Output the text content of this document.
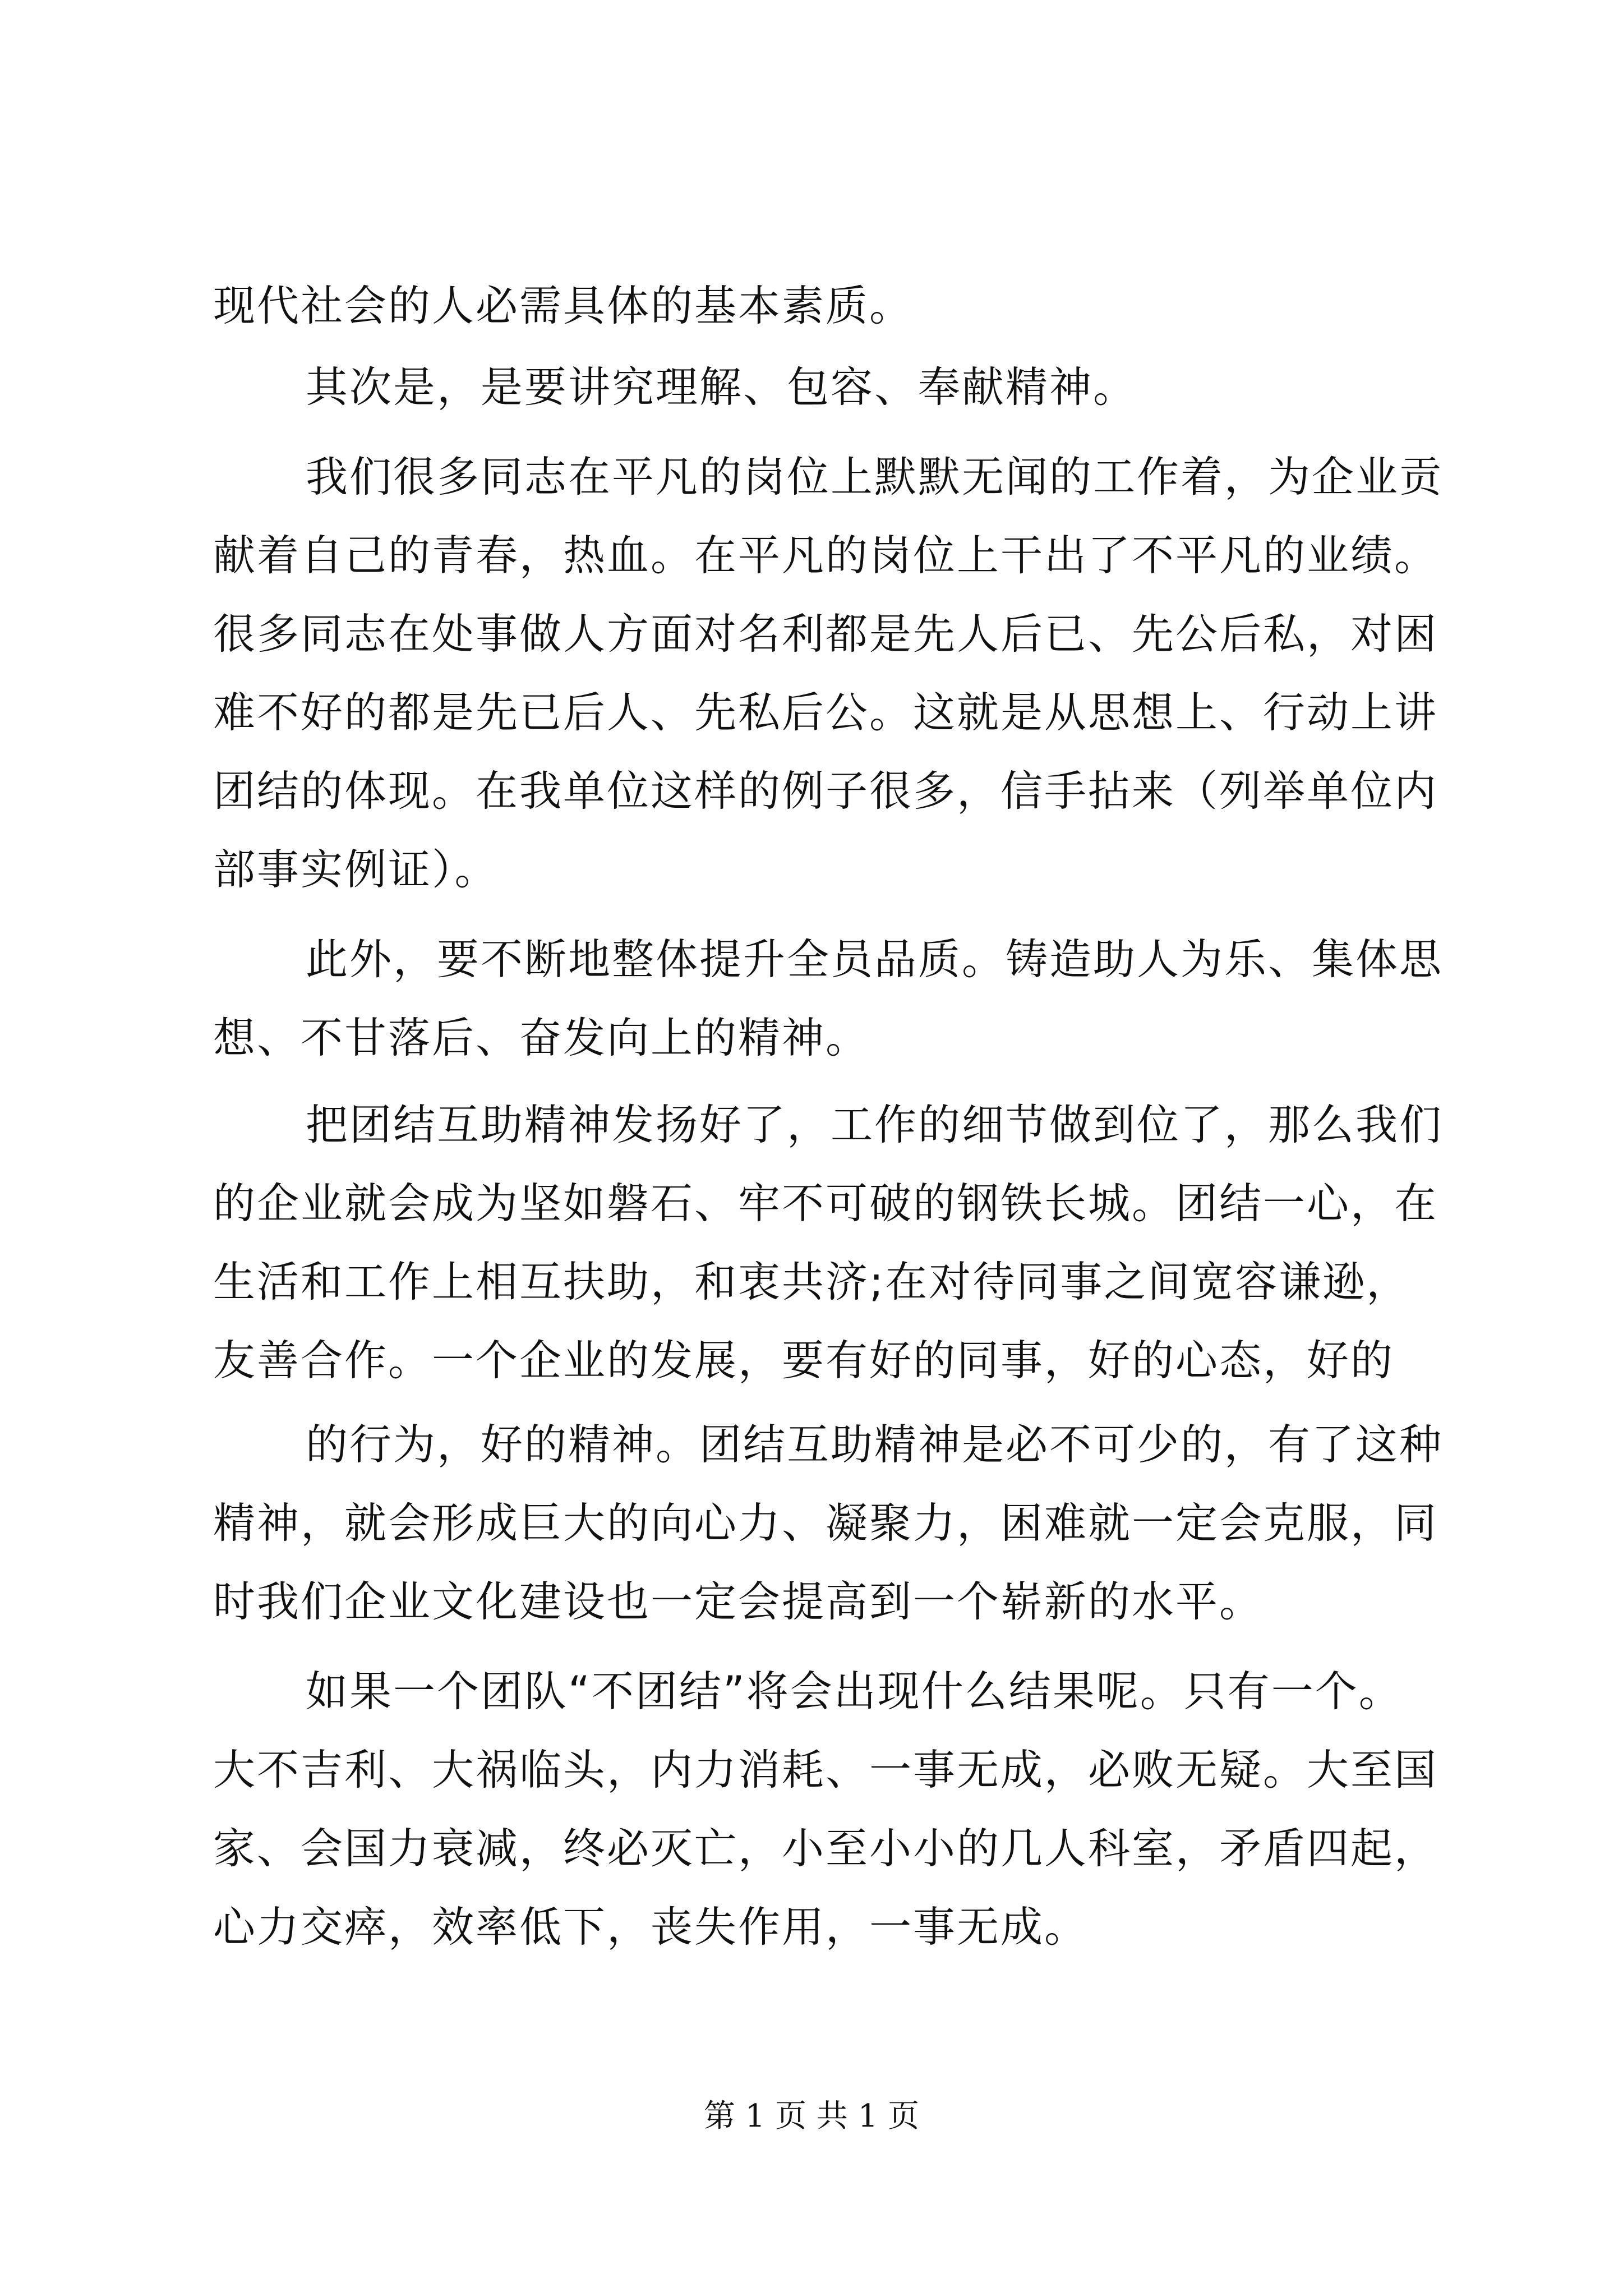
现代社会的人必需具体的基本素质。
其次是，是要讲究理解、包容、奉献精神。
我们很多同志在平凡的岗位上默默无闻的工作着，为企业贡
献着自己的青春，热血。在平凡的岗位上干出了不平凡的业绩。
很多同志在处事做人方面对名利都是先人后已、先公后私，对困
难不好的都是先已后人、先私后公。这就是从思想上、行动上讲
团结的体现。在我单位这样的例子很多，信手拈来（列举单位内
部事实例证）。
此外，要不断地整体提升全员品质。铸造助人为乐、集体思
想、不甘落后、奋发向上的精神。
把团结互助精神发扬好了，工作的细节做到位了，那么我们
的企业就会成为坚如磐石、牢不可破的钢铁长城。团结一心，在
生活和工作上相互扶助，和衷共济;在对待同事之间宽容谦逊，
友善合作。一个企业的发展，要有好的同事，好的心态，好的
的行为，好的精神。团结互助精神是必不可少的，有了这种
精神，就会形成巨大的向心力、凝聚力，困难就一定会克服，同
时我们企业文化建设也一定会提高到一个崭新的水平。
如果一个团队“不团结”将会出现什么结果呢。只有一个。
大不吉利、大祸临头，内力消耗、一事无成，必败无疑。大至国
家、会国力衰减，终必灭亡，小至小小的几人科室，矛盾四起，
心力交瘁，效率低下，丧失作用，一事无成。
第 1 页 共 1 页
